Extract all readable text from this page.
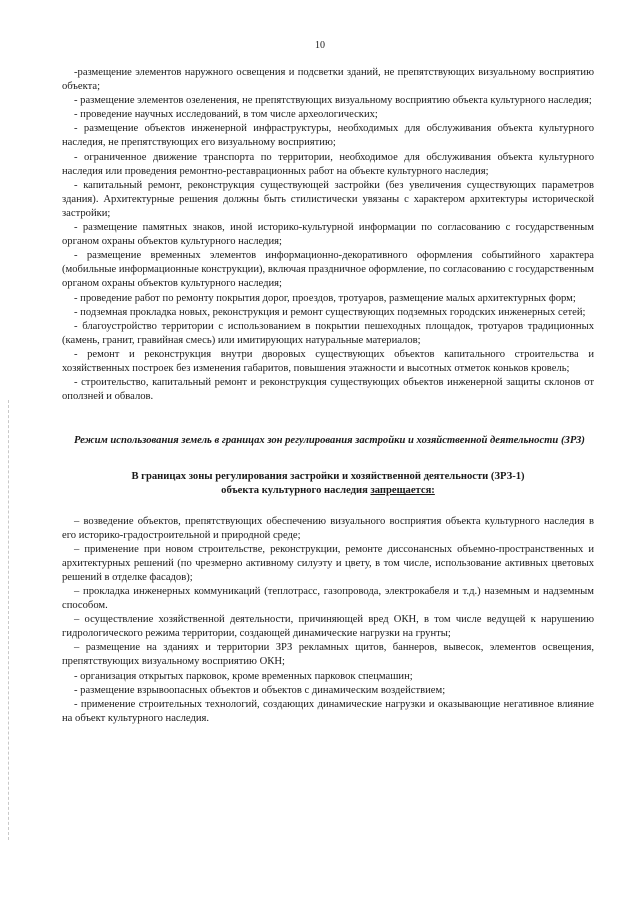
10

-размещение элементов наружного освещения и подсветки зданий, не препятствующих визуальному восприятию объекта;

- размещение элементов озеленения, не препятствующих визуальному восприятию объекта культурного наследия;

- проведение научных исследований, в том числе археологических;

- размещение объектов инженерной инфраструктуры, необходимых для обслуживания объекта культурного наследия, не препятствующих его визуальному восприятию;

- ограниченное движение транспорта по территории, необходимое для обслуживания объекта культурного наследия или проведения ремонтно-реставрационных работ на объекте культурного наследия;

- капитальный ремонт, реконструкция существующей застройки (без увеличения существующих параметров здания). Архитектурные решения должны быть стилистически увязаны с характером архитектуры исторической застройки;

- размещение памятных знаков, иной историко-культурной информации по согласованию с государственным органом охраны объектов культурного наследия;

- размещение временных элементов информационно-декоративного оформления событийного характера (мобильные информационные конструкции), включая праздничное оформление, по согласованию с государственным органом охраны объектов культурного наследия;

- проведение работ по ремонту покрытия дорог, проездов, тротуаров, размещение малых архитектурных форм;

- подземная прокладка новых, реконструкция и ремонт существующих подземных городских инженерных сетей;

- благоустройство территории с использованием в покрытии пешеходных площадок, тротуаров традиционных (камень, гранит, гравийная смесь) или имитирующих натуральные материалов;

- ремонт и реконструкция внутри дворовых существующих объектов капитального строительства и хозяйственных построек без изменения габаритов, повышения этажности и высотных отметок коньков кровель;

- строительство, капитальный ремонт и реконструкция существующих объектов инженерной защиты склонов от оползней и обвалов.

Режим использования земель в границах зон регулирования застройки и хозяйственной деятельности (ЗРЗ)

В границах зоны регулирования застройки и хозяйственной деятельности (ЗРЗ-1)
объекта культурного наследия запрещается:

– возведение объектов, препятствующих обеспечению визуального восприятия объекта культурного наследия в его историко-градостроительной и природной среде;

– применение при новом строительстве, реконструкции, ремонте диссонансных объемно-пространственных и архитектурных решений (по чрезмерно активному силуэту и цвету, в том числе, использование активных цветовых решений в отделке фасадов);

– прокладка инженерных коммуникаций (теплотрасс, газопровода, электрокабеля и т.д.) наземным и надземным способом.

– осуществление хозяйственной деятельности, причиняющей вред ОКН, в том числе ведущей к нарушению гидрологического режима территории, создающей динамические нагрузки на грунты;

– размещение на зданиях и территории ЗРЗ рекламных щитов, баннеров, вывесок, элементов освещения, препятствующих визуальному восприятию ОКН;

- организация открытых парковок, кроме временных парковок спецмашин;

- размещение взрывоопасных объектов и объектов с динамическим воздействием;

- применение строительных технологий, создающих динамические нагрузки и оказывающие негативное влияние на объект культурного наследия.
